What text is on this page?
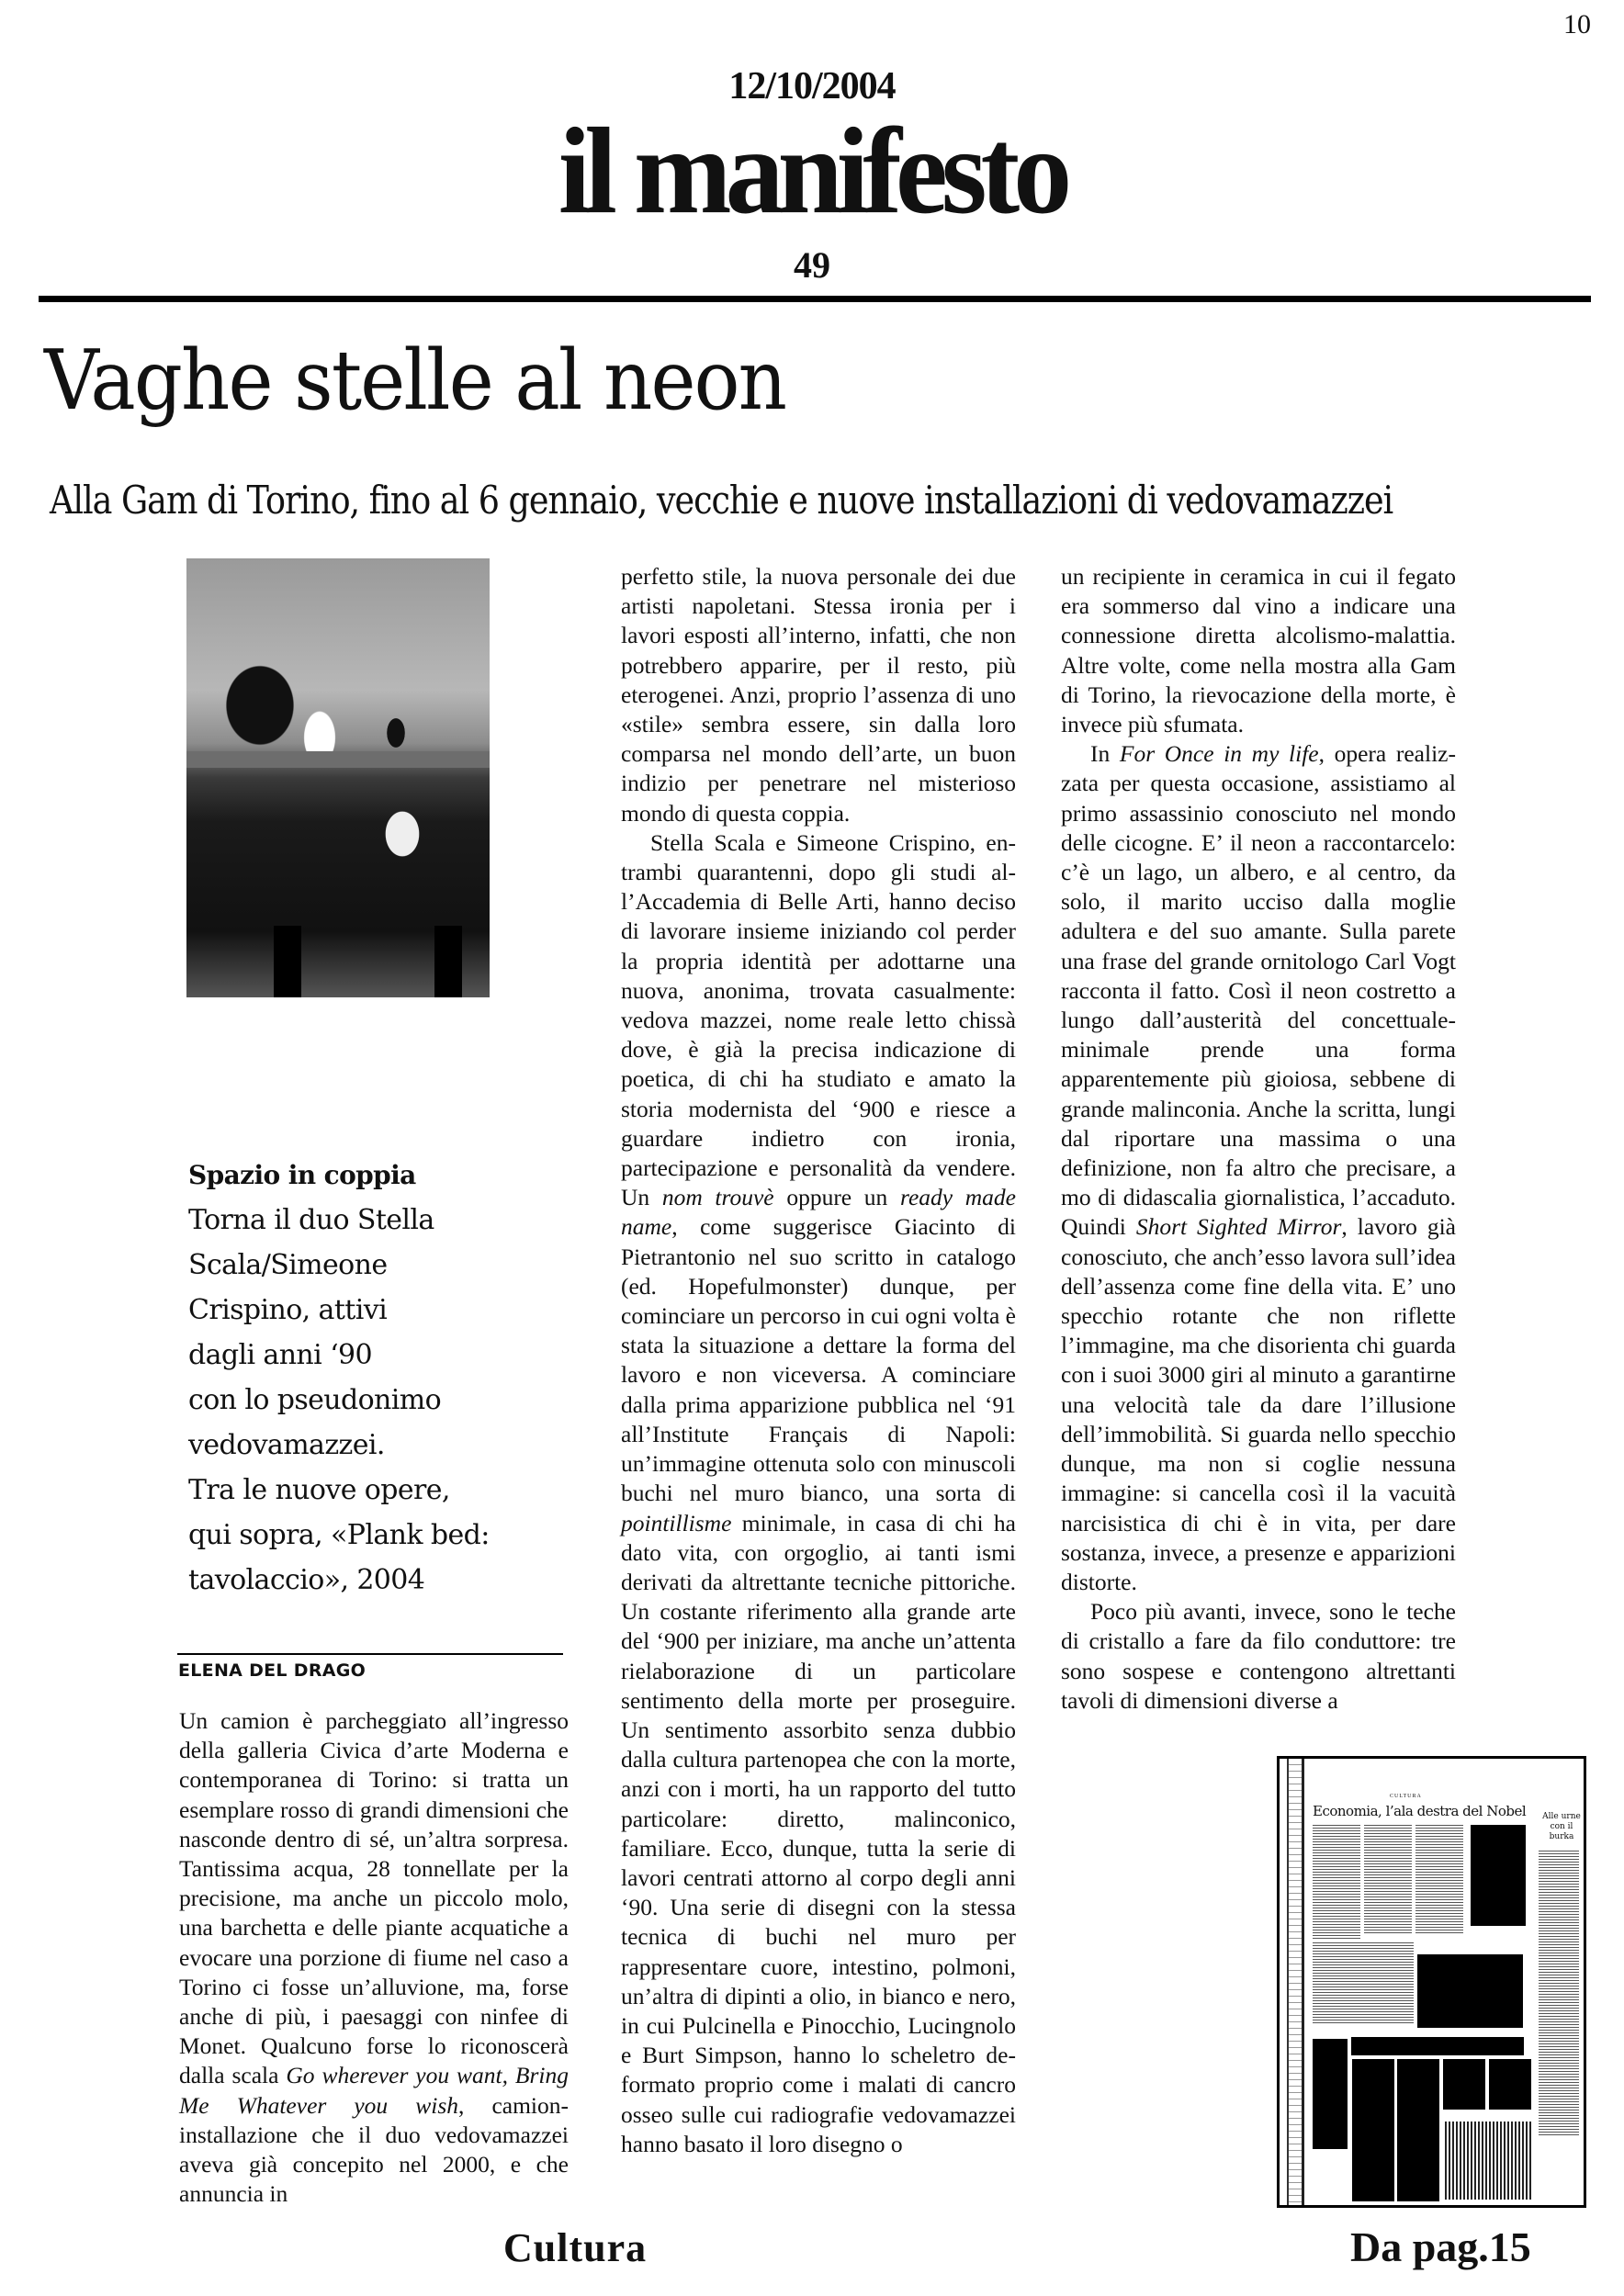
10
12/10/2004
il manifesto
49
Vaghe stelle al neon
Alla Gam di Torino, fino al 6 gennaio, vecchie e nuove installazioni di vedovamazzei
Spazio in coppia
Torna il duo Stella
Scala/Simeone
Crispino, attivi
dagli anni ‘90
con lo pseudonimo
vedovamazzei.
Tra le nuove opere,
qui sopra, «Plank bed:
tavolaccio», 2004
ELENA DEL DRAGO

Un camion è parcheggiato all’ingresso della galleria Civica d’arte Moderna e contemporanea di Torino: si tratta un esemplare rosso di grandi dimensioni che nasconde dentro di sé, un’altra sorpresa. Tantissima acqua, 28 tonnellate per la precisione, ma anche un piccolo molo, una barchetta e delle piante acquatiche a evocare una porzione di fiume nel caso a Torino ci fosse un’alluvione, ma, forse anche di più, i paesaggi con ninfee di Monet. Qualcuno forse lo riconoscerà dalla scala Go wherever you want, Bring Me Whatever you wish, camion-installazione che il duo vedovamazzei aveva già concepito nel 2000, e che annuncia in

perfetto stile, la nuova personale dei due artisti napoletani. Stessa ironia per i lavori esposti all’interno, infatti, che non potrebbero apparire, per il resto, più eterogenei. Anzi, proprio l’assenza di uno «stile» sembra essere, sin dalla loro comparsa nel mondo dell’arte, un buon indizio per penetrare nel misterioso mondo di questa coppia.

Stella Scala e Simeone Crispino, entrambi quarantenni, dopo gli studi all’Accademia di Belle Arti, hanno deciso di lavorare insieme iniziando col perder la propria identità per adottarne una nuova, anonima, trovata casualmente: vedova mazzei, nome reale letto chissà dove, è già la precisa indicazione di poetica, di chi ha studiato e amato la storia modernista del ‘900 e riesce a guardare indietro con ironia, partecipazione e personalità da vendere. Un nom trouvè oppure un ready made name, come suggerisce Giacinto di Pietrantonio nel suo scritto in catalogo (ed. Hopefulmonster) dunque, per cominciare un percorso in cui ogni volta è stata la situazione a dettare la forma del lavoro e non viceversa. A cominciare dalla prima apparizione pubblica nel ‘91 all’Institute Français di Napoli: un’immagine ottenuta solo con minuscoli buchi nel muro bianco, una sorta di pointillisme minimale, in casa di chi ha dato vita, con orgoglio, ai tanti ismi derivati da altrettante tecniche pittoriche. Un costante riferimento alla grande arte del ‘900 per iniziare, ma anche un’attenta rielaborazione di un particolare sentimento della morte per proseguire. Un sentimento assorbito senza dubbio dalla cultura partenopea che con la morte, anzi con i morti, ha un rapporto del tutto particolare: diretto, malinconico, familiare. Ecco, dunque, tutta la serie di lavori centrati attorno al corpo degli anni ‘90. Una serie di disegni con la stessa tecnica di buchi nel muro per rappresentare cuore, intestino, polmoni, un’altra di dipinti a olio, in bianco e nero, in cui Pulcinella e Pinocchio, Lucingnolo e Burt Simpson, hanno lo scheletro deformato proprio come i malati di cancro osseo sulle cui radiografie vedovamazzei hanno basato il loro disegno o

un recipiente in ceramica in cui il fegato era sommerso dal vino a indicare una connessione diretta alcolismo-malattia. Altre volte, come nella mostra alla Gam di Torino, la rievocazione della morte, è invece più sfumata.

In For Once in my life, opera realizzata per questa occasione, assistiamo al primo assassinio conosciuto nel mondo delle cicogne. E’ il neon a raccontarcelo: c’è un lago, un albero, e al centro, da solo, il marito ucciso dalla moglie adultera e del suo amante. Sulla parete una frase del grande ornitologo Carl Vogt racconta il fatto. Così il neon costretto a lungo dall’austerità del concettuale-minimale prende una forma apparentemente più gioiosa, sebbene di grande malinconia. Anche la scritta, lungi dal riportare una massima o una definizione, non fa altro che precisare, a mo di didascalia giornalistica, l’accaduto. Quindi Short Sighted Mirror, lavoro già conosciuto, che anch’esso lavora sull’idea dell’assenza come fine della vita. E’ uno specchio rotante che non riflette l’immagine, ma che disorienta chi guarda con i suoi 3000 giri al minuto a garantirne una velocità tale da dare l’illusione dell’immobilità. Si guarda nello specchio dunque, ma non si coglie nessuna immagine: si cancella così il la vacuità narcisistica di chi è in vita, per dare sostanza, invece, a presenze e apparizioni distorte.

Poco più avanti, invece, sono le teche di cristallo a fare da filo conduttore: tre sono sospese e contengono altrettanti tavoli di dimensioni diverse a

CULTURA
Economia, l’ala destra del Nobel	Alle urne con il burka
Cultura	Da pag.15
